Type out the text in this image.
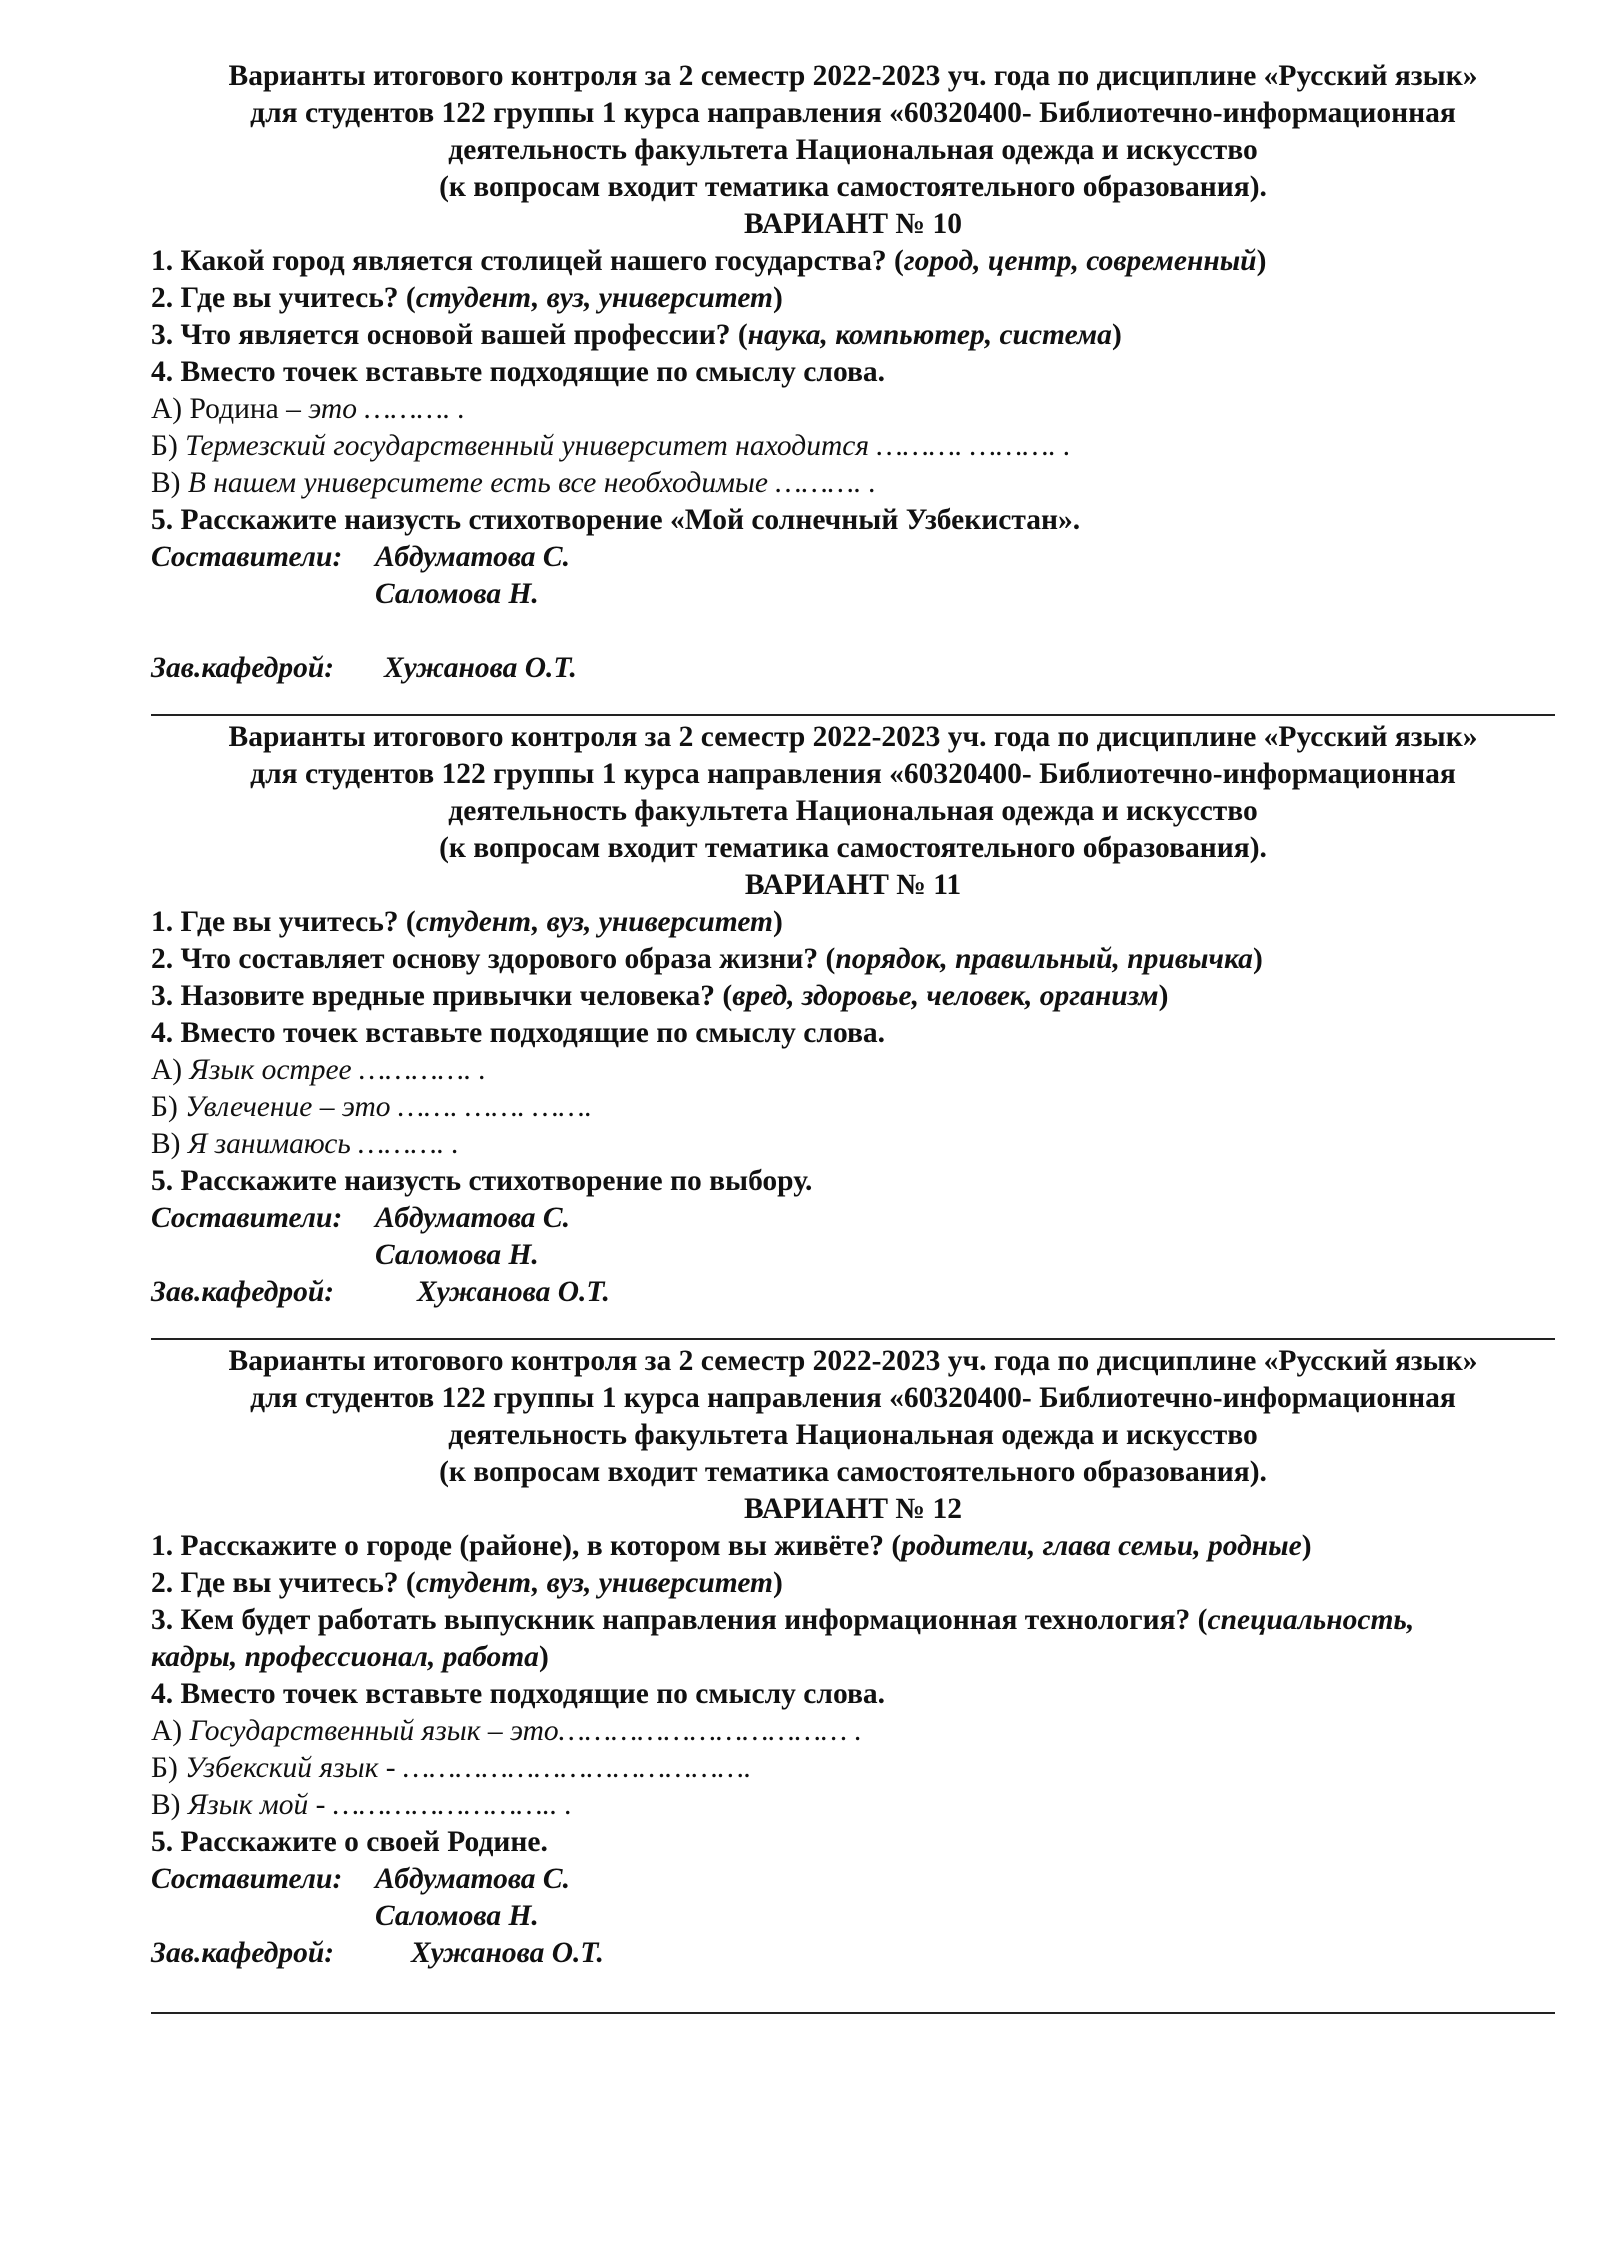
Варианты итогового контроля за 2 семестр 2022-2023 уч. года по дисциплине «Русский язык»
для студентов 122 группы 1 курса направления «60320400- Библиотечно-информационная
деятельность факультета Национальная одежда и искусство
(к вопросам входит тематика самостоятельного образования).
ВАРИАНТ № 10
1. Какой город является столицей нашего государства? (город, центр, современный)
2. Где вы учитесь? (студент, вуз, университет)
3. Что является основой вашей профессии? (наука, компьютер, система)
4. Вместо точек вставьте подходящие по смыслу слова.
А) Родина – это ………. .
Б) Термезский государственный университет находится ………. ………. .
В) В нашем университете есть все необходимые ………. .
5. Расскажите наизусть стихотворение «Мой солнечный Узбекистан».
Составители: Абдуматова С.
Саломова Н.
Зав.кафедрой: Хужанова О.Т.
Варианты итогового контроля за 2 семестр 2022-2023 уч. года по дисциплине «Русский язык»
для студентов 122 группы 1 курса направления «60320400- Библиотечно-информационная
деятельность факультета Национальная одежда и искусство
(к вопросам входит тематика самостоятельного образования).
ВАРИАНТ № 11
1. Где вы учитесь? (студент, вуз, университет)
2. Что составляет основу здорового образа жизни? (порядок, правильный, привычка)
3. Назовите вредные привычки человека? (вред, здоровье, человек, организм)
4. Вместо точек вставьте подходящие по смыслу слова.
А) Язык острее …………. .
Б) Увлечение – это ……. ……. …….
В) Я занимаюсь ………. .
5. Расскажите наизусть стихотворение по выбору.
Составители: Абдуматова С.
Саломова Н.
Зав.кафедрой:	Хужанова О.Т.
Варианты итогового контроля за 2 семестр 2022-2023 уч. года по дисциплине «Русский язык»
для студентов 122 группы 1 курса направления «60320400- Библиотечно-информационная
деятельность факультета Национальная одежда и искусство
(к вопросам входит тематика самостоятельного образования).
ВАРИАНТ № 12
1. Расскажите о городе (районе), в котором вы живёте? (родители, глава семьи, родные)
2. Где вы учитесь? (студент, вуз, университет)
3. Кем будет работать выпускник направления информационная технология? (специальность,
кадры, профессионал, работа)
4. Вместо точек вставьте подходящие по смыслу слова.
А) Государственный язык – это…………………………… .
Б) Узбекский язык - ………………………………….
В) Язык мой - …………………….. .
5. Расскажите о своей Родине.
Составители: Абдуматова С.
Саломова Н.
Зав.кафедрой:	Хужанова О.Т.
